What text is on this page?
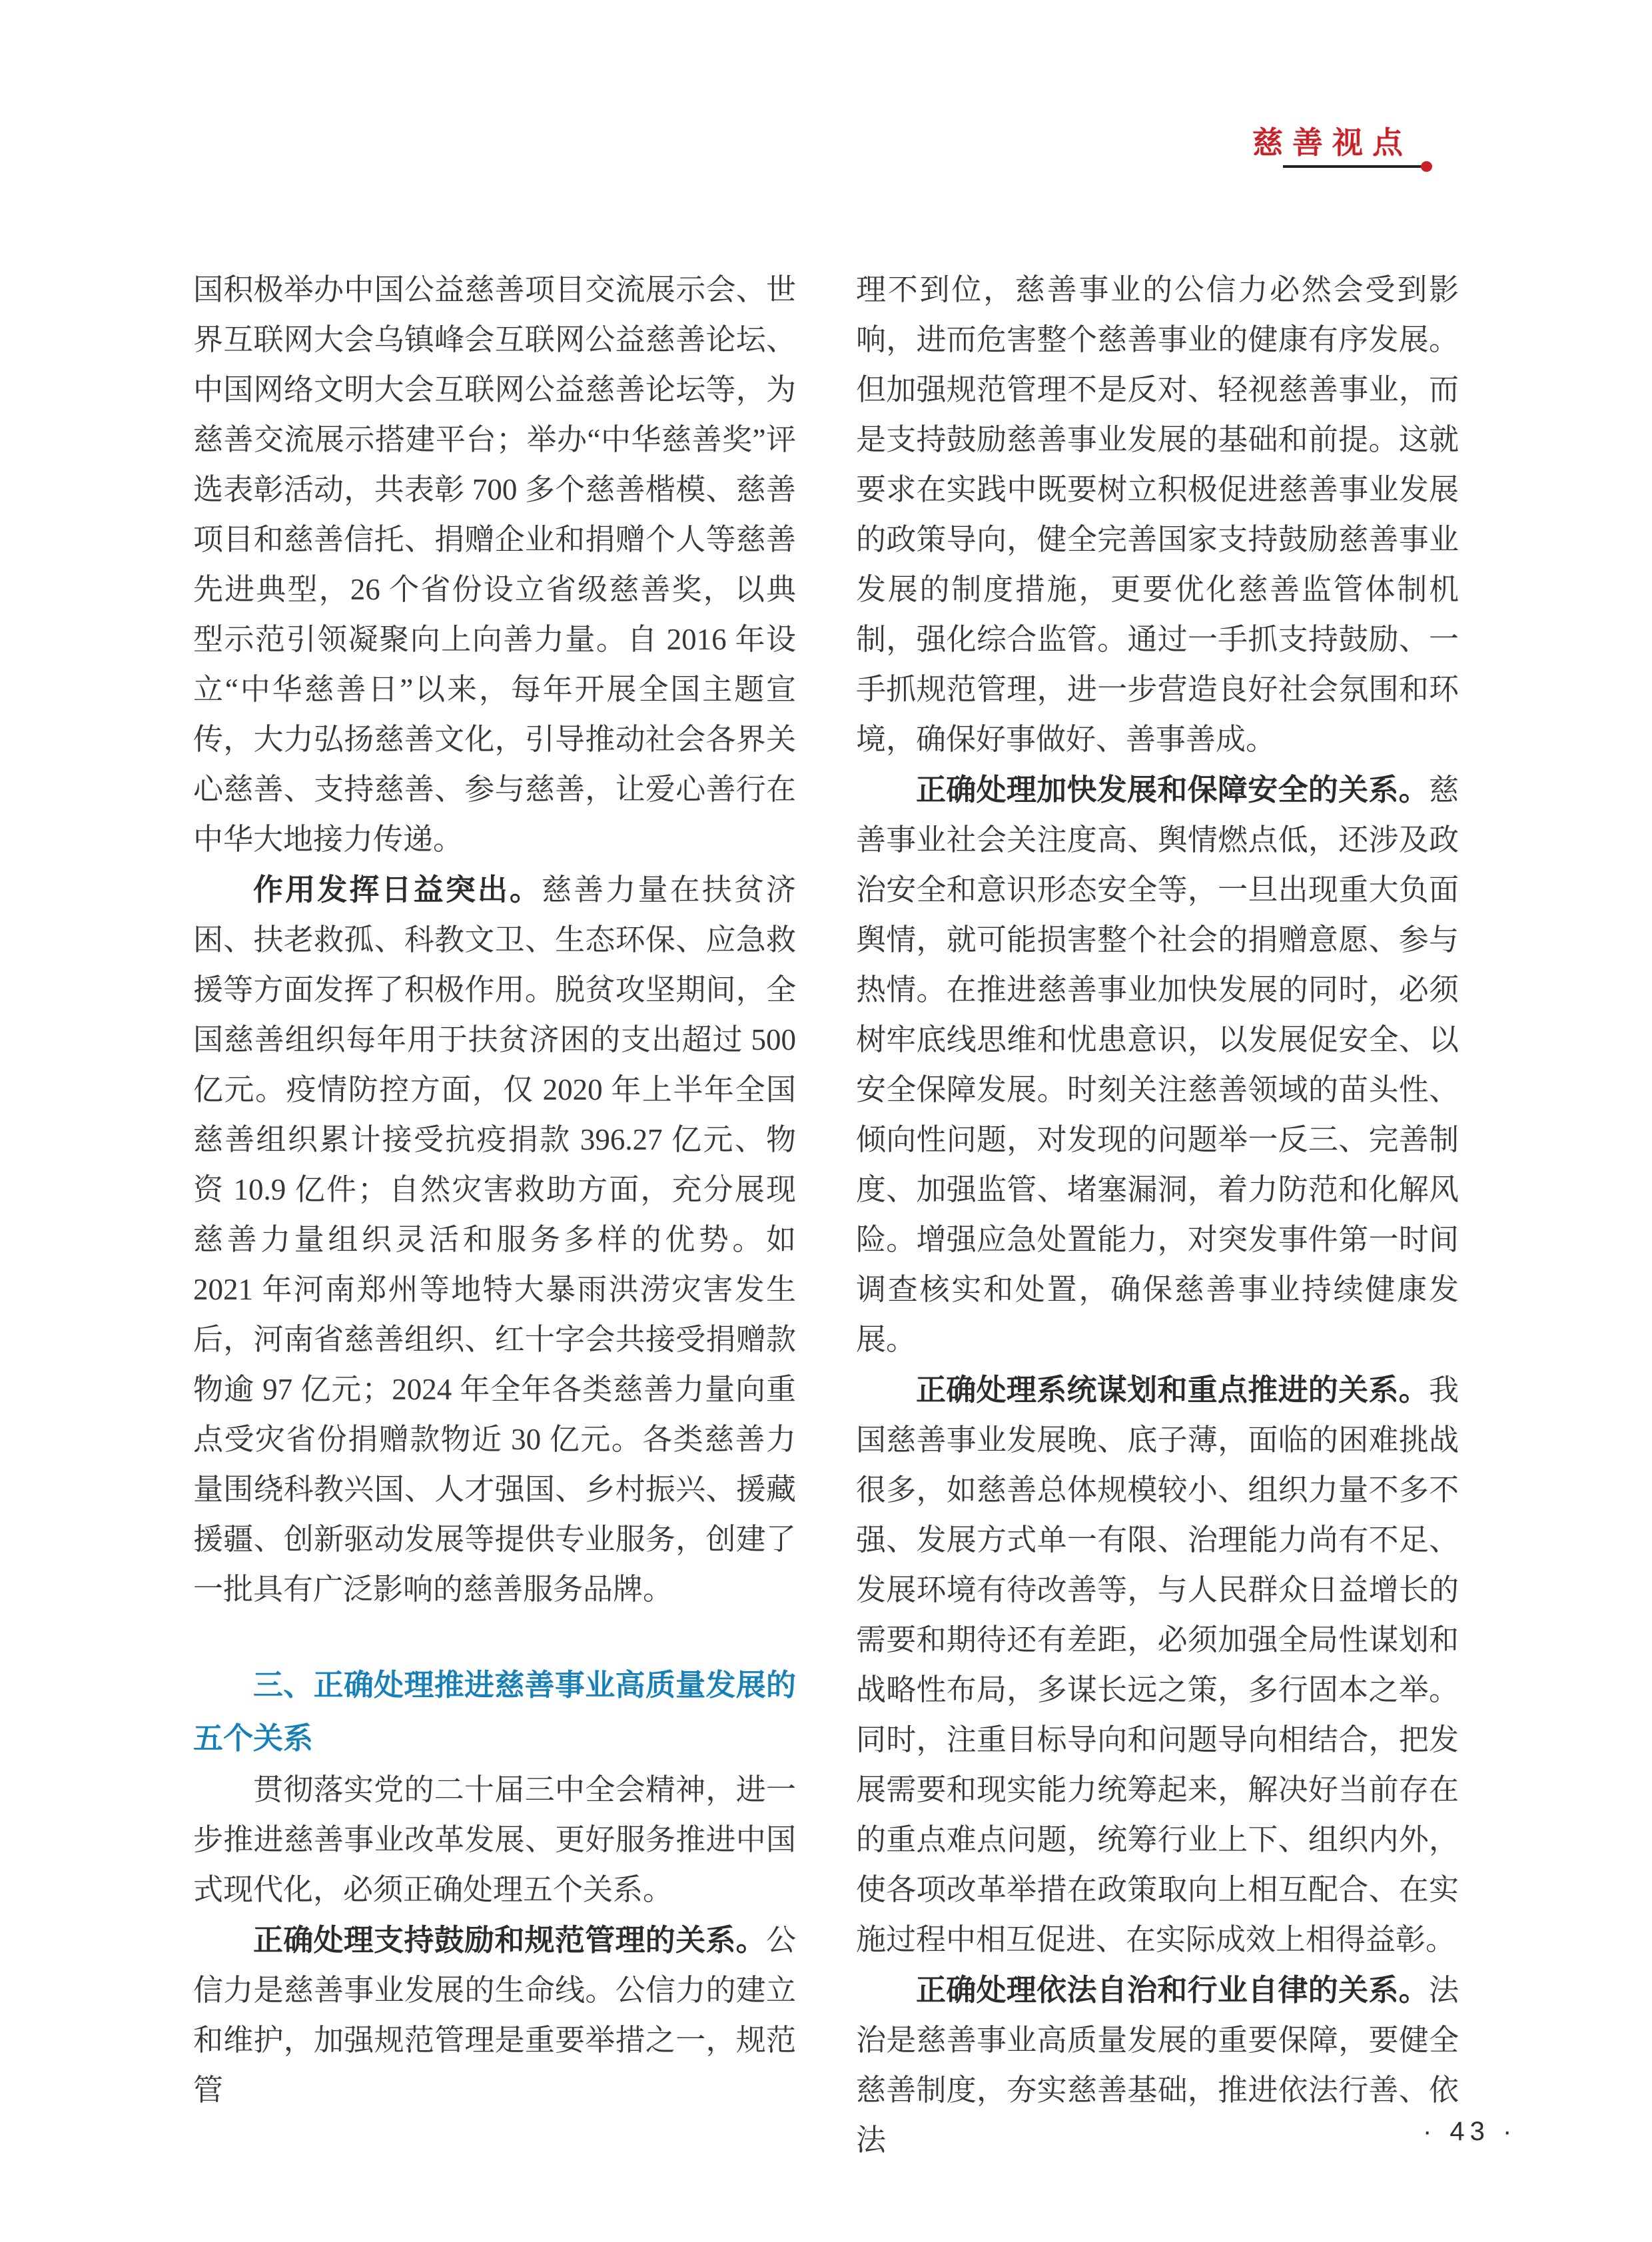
慈善视点

国积极举办中国公益慈善项目交流展示会、世界互联网大会乌镇峰会互联网公益慈善论坛、中国网络文明大会互联网公益慈善论坛等，为慈善交流展示搭建平台；举办“中华慈善奖”评选表彰活动，共表彰 700 多个慈善楷模、慈善项目和慈善信托、捐赠企业和捐赠个人等慈善先进典型，26 个省份设立省级慈善奖，以典型示范引领凝聚向上向善力量。自 2016 年设立“中华慈善日”以来，每年开展全国主题宣传，大力弘扬慈善文化，引导推动社会各界关心慈善、支持慈善、参与慈善，让爱心善行在中华大地接力传递。

作用发挥日益突出。慈善力量在扶贫济困、扶老救孤、科教文卫、生态环保、应急救援等方面发挥了积极作用。脱贫攻坚期间，全国慈善组织每年用于扶贫济困的支出超过 500 亿元。疫情防控方面，仅 2020 年上半年全国慈善组织累计接受抗疫捐款 396.27 亿元、物资 10.9 亿件；自然灾害救助方面，充分展现慈善力量组织灵活和服务多样的优势。如 2021 年河南郑州等地特大暴雨洪涝灾害发生后，河南省慈善组织、红十字会共接受捐赠款物逾 97 亿元；2024 年全年各类慈善力量向重点受灾省份捐赠款物近 30 亿元。各类慈善力量围绕科教兴国、人才强国、乡村振兴、援藏援疆、创新驱动发展等提供专业服务，创建了一批具有广泛影响的慈善服务品牌。

三、正确处理推进慈善事业高质量发展的五个关系

贯彻落实党的二十届三中全会精神，进一步推进慈善事业改革发展、更好服务推进中国式现代化，必须正确处理五个关系。

正确处理支持鼓励和规范管理的关系。公信力是慈善事业发展的生命线。公信力的建立和维护，加强规范管理是重要举措之一，规范管

理不到位，慈善事业的公信力必然会受到影响，进而危害整个慈善事业的健康有序发展。但加强规范管理不是反对、轻视慈善事业，而是支持鼓励慈善事业发展的基础和前提。这就要求在实践中既要树立积极促进慈善事业发展的政策导向，健全完善国家支持鼓励慈善事业发展的制度措施，更要优化慈善监管体制机制，强化综合监管。通过一手抓支持鼓励、一手抓规范管理，进一步营造良好社会氛围和环境，确保好事做好、善事善成。

正确处理加快发展和保障安全的关系。慈善事业社会关注度高、舆情燃点低，还涉及政治安全和意识形态安全等，一旦出现重大负面舆情，就可能损害整个社会的捐赠意愿、参与热情。在推进慈善事业加快发展的同时，必须树牢底线思维和忧患意识，以发展促安全、以安全保障发展。时刻关注慈善领域的苗头性、倾向性问题，对发现的问题举一反三、完善制度、加强监管、堵塞漏洞，着力防范和化解风险。增强应急处置能力，对突发事件第一时间调查核实和处置，确保慈善事业持续健康发展。

正确处理系统谋划和重点推进的关系。我国慈善事业发展晚、底子薄，面临的困难挑战很多，如慈善总体规模较小、组织力量不多不强、发展方式单一有限、治理能力尚有不足、发展环境有待改善等，与人民群众日益增长的需要和期待还有差距，必须加强全局性谋划和战略性布局，多谋长远之策，多行固本之举。同时，注重目标导向和问题导向相结合，把发展需要和现实能力统筹起来，解决好当前存在的重点难点问题，统筹行业上下、组织内外，使各项改革举措在政策取向上相互配合、在实施过程中相互促进、在实际成效上相得益彰。

正确处理依法自治和行业自律的关系。法治是慈善事业高质量发展的重要保障，要健全慈善制度，夯实慈善基础，推进依法行善、依法	· 43 ·
